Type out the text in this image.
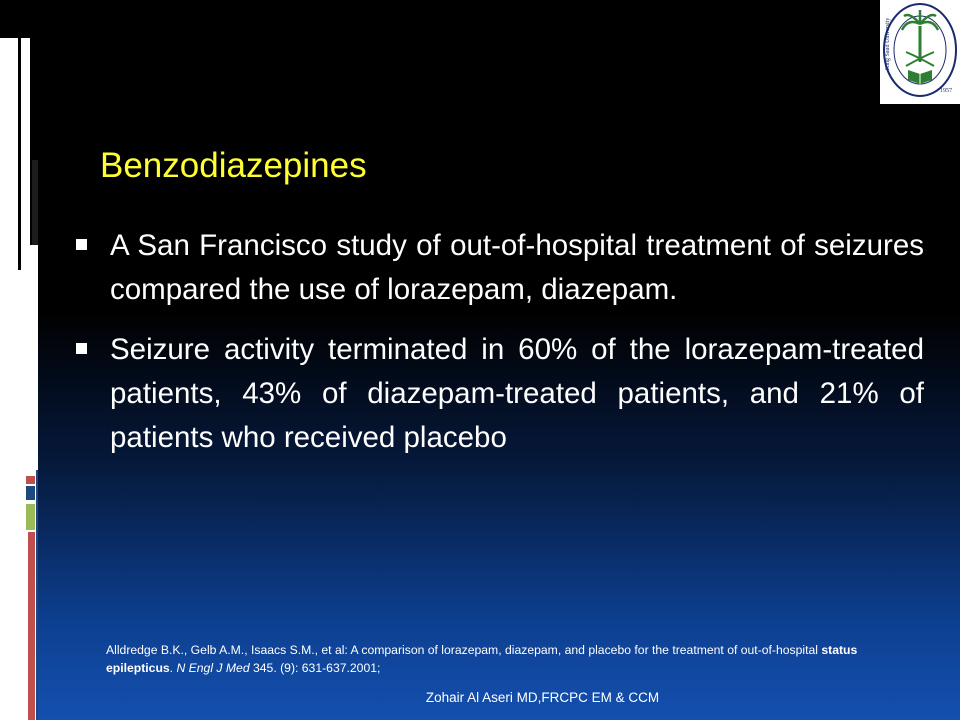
1957
King Saud University
Benzodiazepines
A San Francisco study of out-of-hospital treatment of seizures compared the use of lorazepam, diazepam.
Seizure activity terminated in 60% of the lorazepam-treated patients, 43% of diazepam-treated patients, and 21% of patients who received placebo
Alldredge B.K., Gelb A.M., Isaacs S.M., et al: A comparison of lorazepam, diazepam, and placebo for the treatment of out-of-hospital status epilepticus. N Engl J Med 345. (9): 631-637.2001;
Zohair Al Aseri MD,FRCPC EM & CCM
